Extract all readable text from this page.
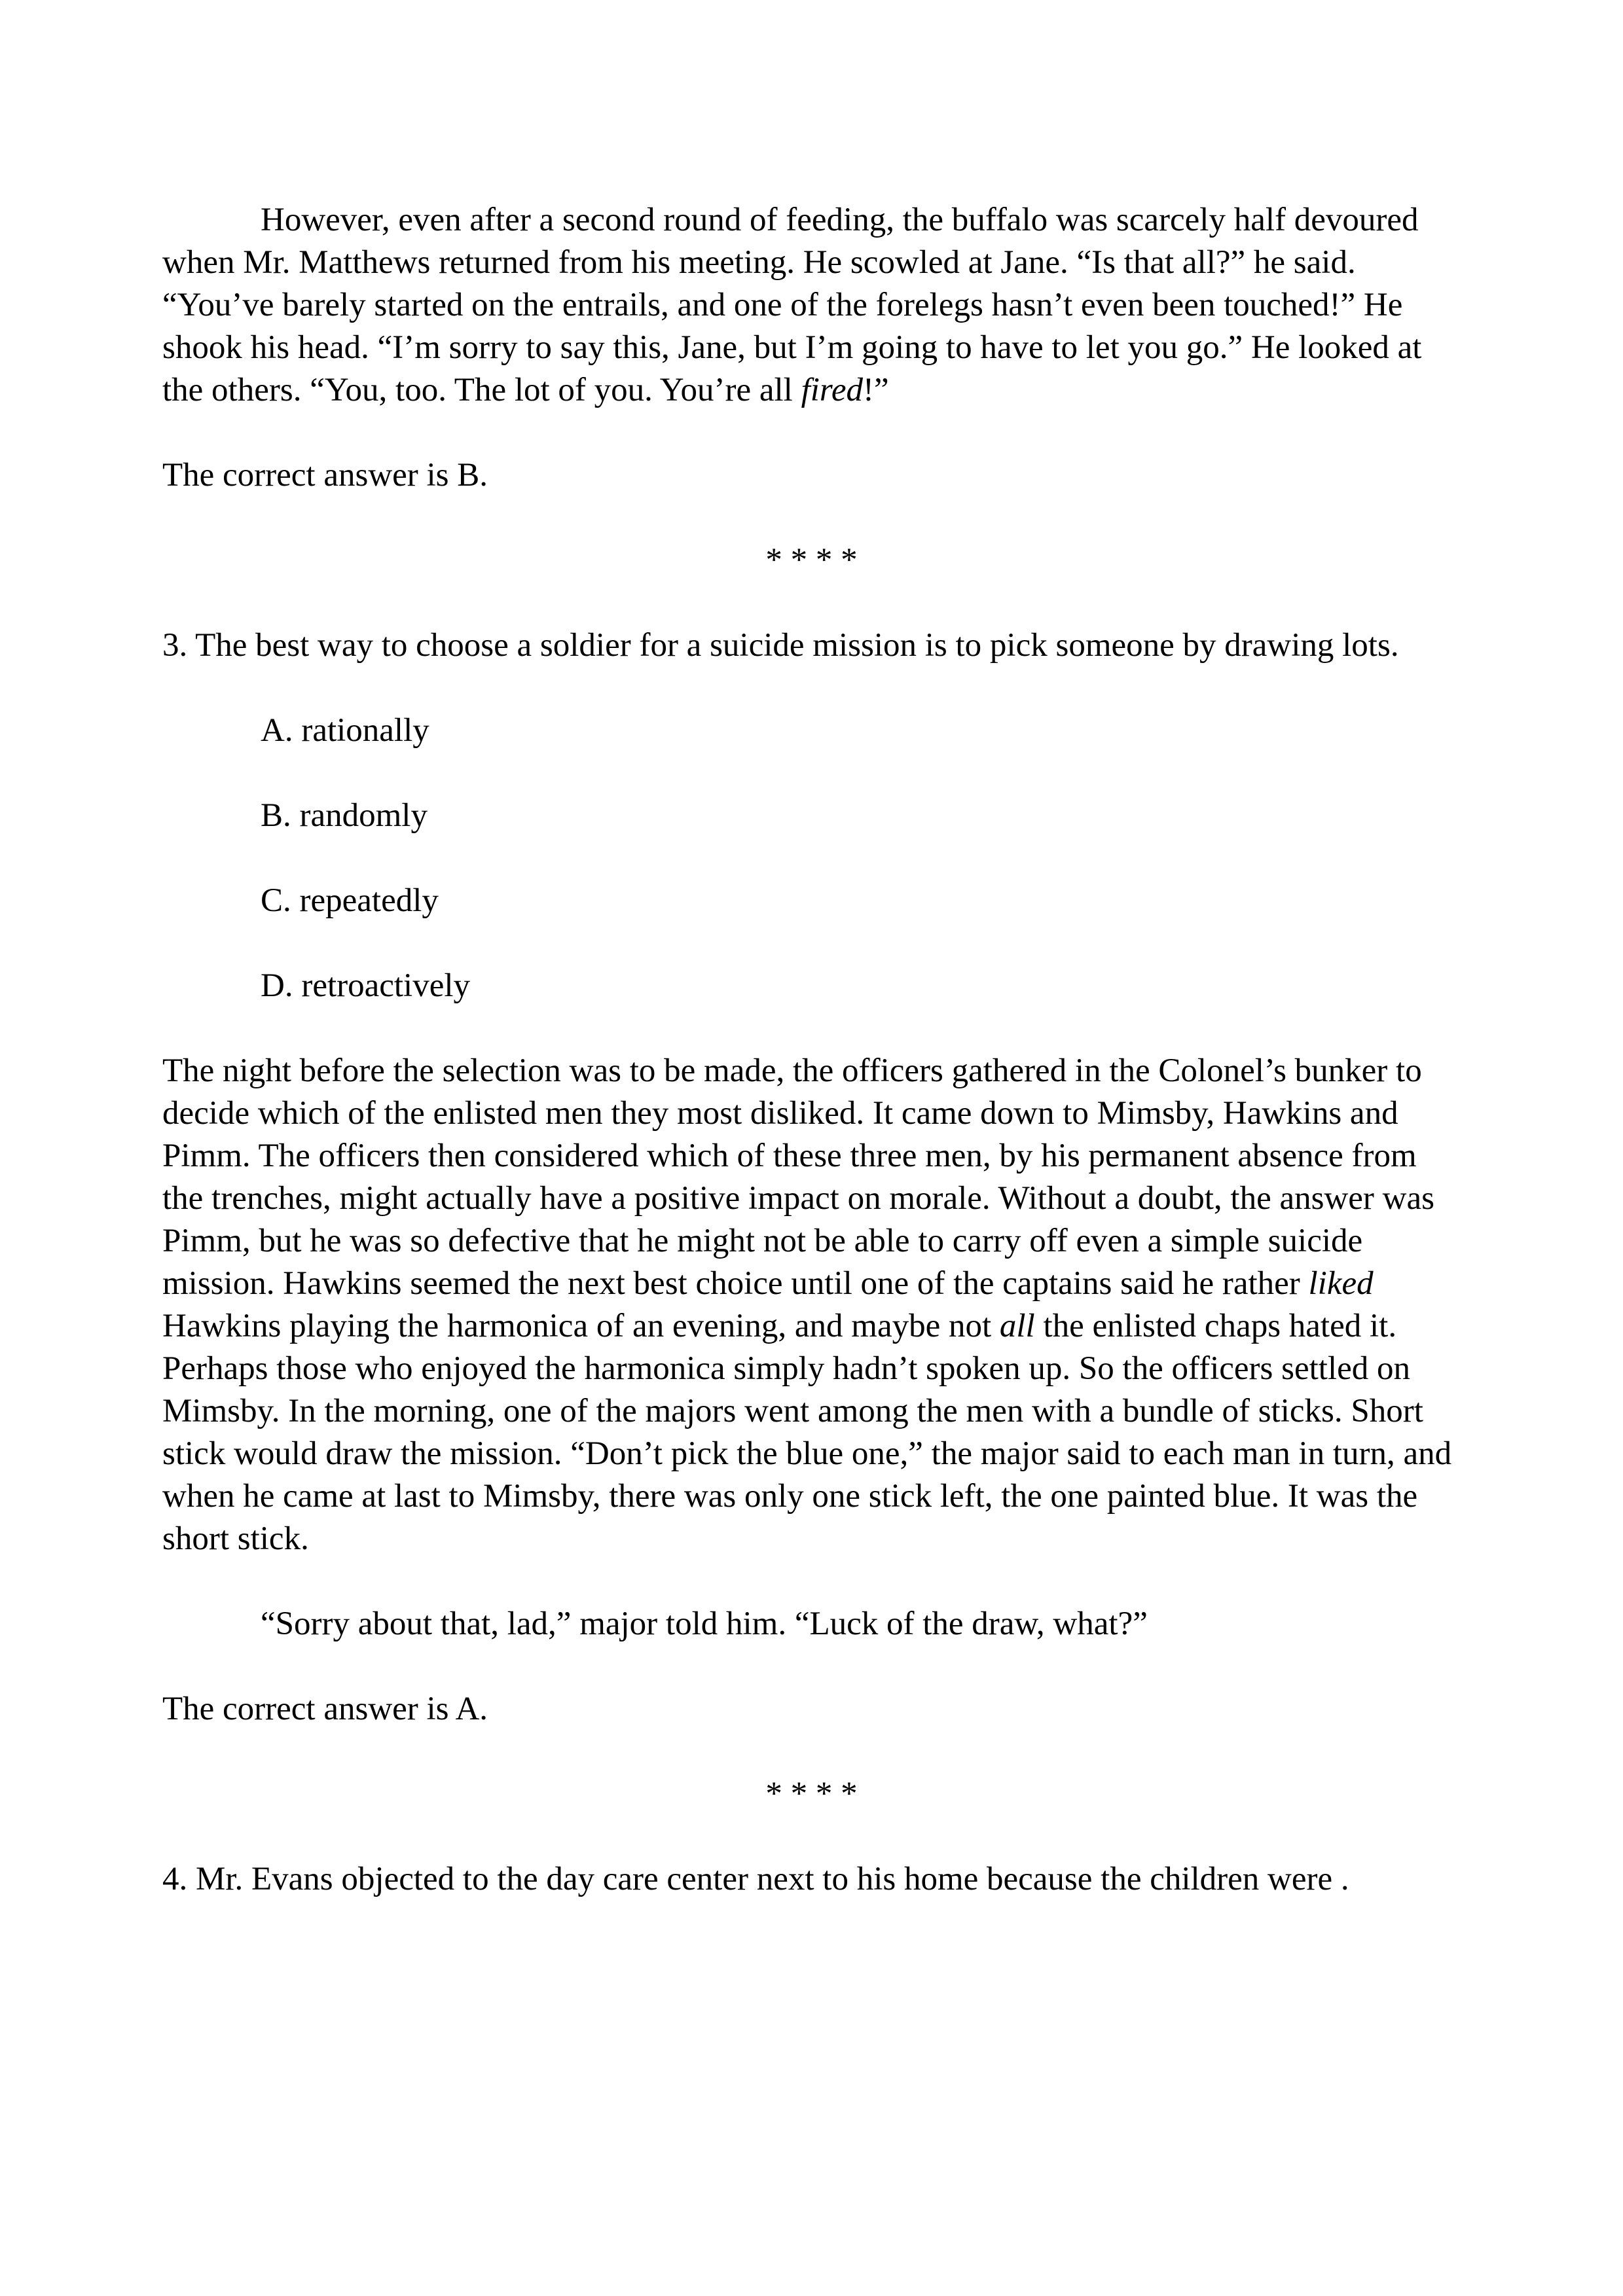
However, even after a second round of feeding, the buffalo was scarcely half devoured when Mr. Matthews returned from his meeting. He scowled at Jane. “Is that all?” he said. “You’ve barely started on the entrails, and one of the forelegs hasn’t even been touched!” He shook his head. “I’m sorry to say this, Jane, but I’m going to have to let you go.” He looked at the others. “You, too. The lot of you. You’re all fired!”

The correct answer is B.

* * * *

3. The best way to choose a soldier for a suicide mission is to pick someone by drawing lots.

A. rationally

B. randomly

C. repeatedly

D. retroactively

The night before the selection was to be made, the officers gathered in the Colonel’s bunker to decide which of the enlisted men they most disliked. It came down to Mimsby, Hawkins and Pimm. The officers then considered which of these three men, by his permanent absence from the trenches, might actually have a positive impact on morale. Without a doubt, the answer was Pimm, but he was so defective that he might not be able to carry off even a simple suicide mission. Hawkins seemed the next best choice until one of the captains said he rather liked Hawkins playing the harmonica of an evening, and maybe not all the enlisted chaps hated it. Perhaps those who enjoyed the harmonica simply hadn’t spoken up. So the officers settled on Mimsby. In the morning, one of the majors went among the men with a bundle of sticks. Short stick would draw the mission. “Don’t pick the blue one,” the major said to each man in turn, and when he came at last to Mimsby, there was only one stick left, the one painted blue. It was the short stick.

“Sorry about that, lad,” major told him. “Luck of the draw, what?”

The correct answer is A.

* * * *

4. Mr. Evans objected to the day care center next to his home because the children were .
